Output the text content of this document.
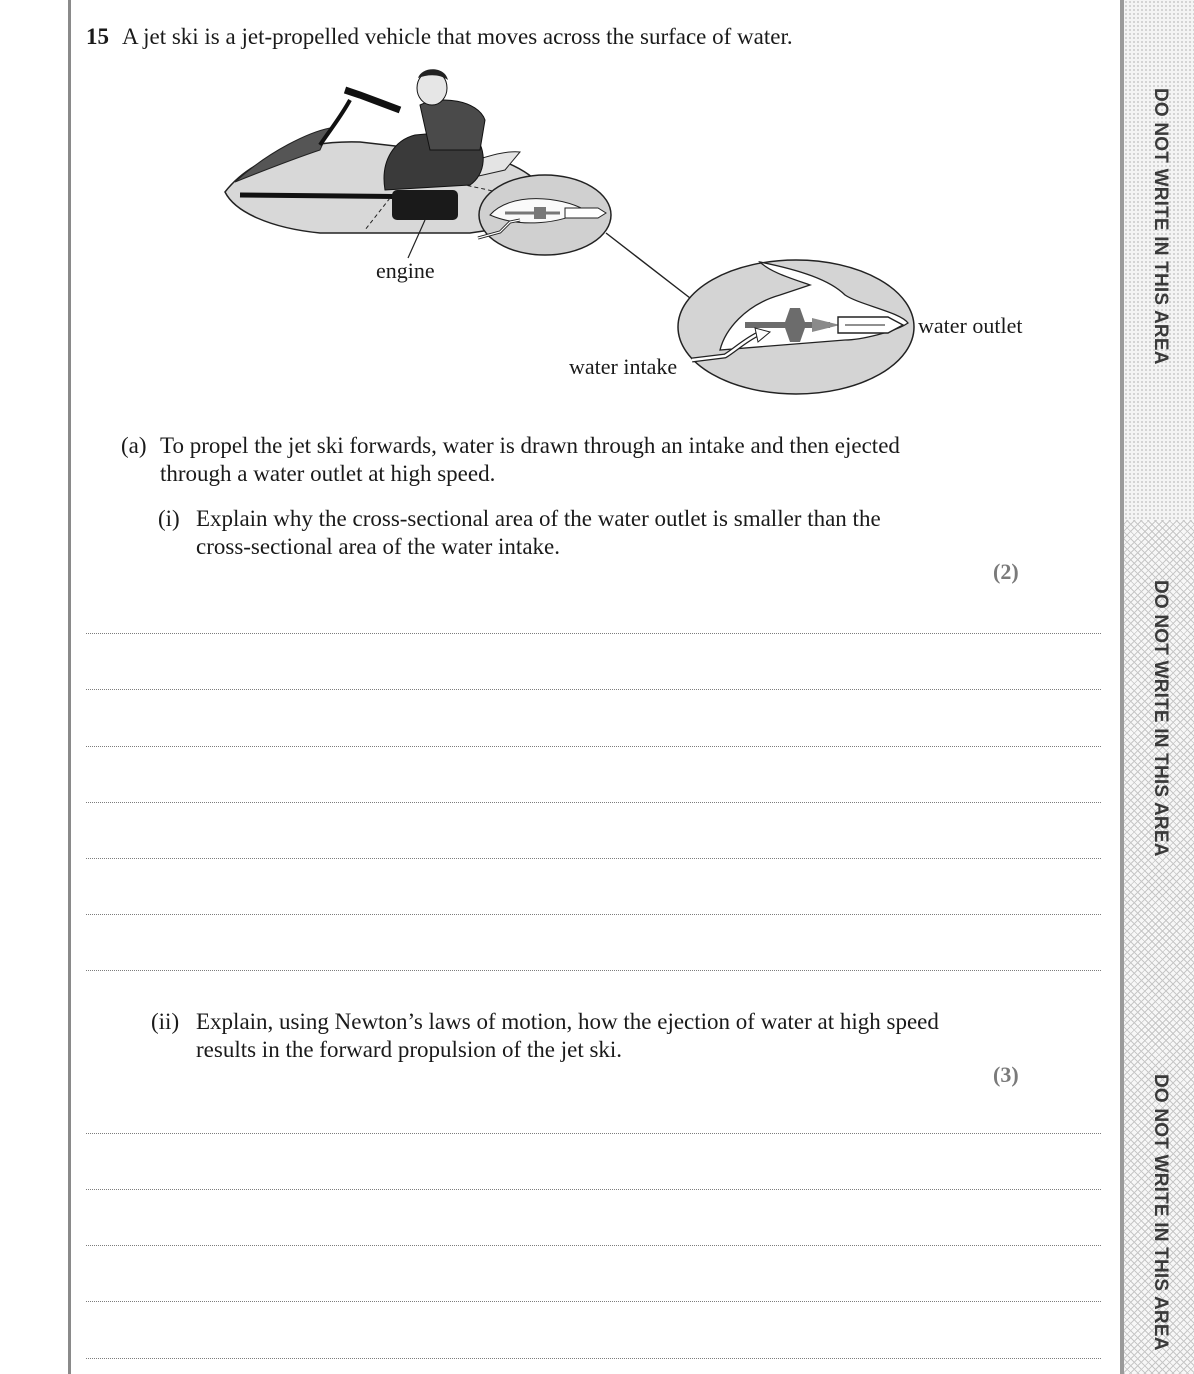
DO NOT WRITE IN THIS AREA
DO NOT WRITE IN THIS AREA
DO NOT WRITE IN THIS AREA
15 A jet ski is a jet-propelled vehicle that moves across the surface of water.
engine
water outlet
water intake
(a) To propel the jet ski forwards, water is drawn through an intake and then ejected
through a water outlet at high speed.
(i) Explain why the cross-sectional area of the water outlet is smaller than the
cross-sectional area of the water intake.
(2)
(ii) Explain, using Newton’s laws of motion, how the ejection of water at high speed
results in the forward propulsion of the jet ski.
(3)
